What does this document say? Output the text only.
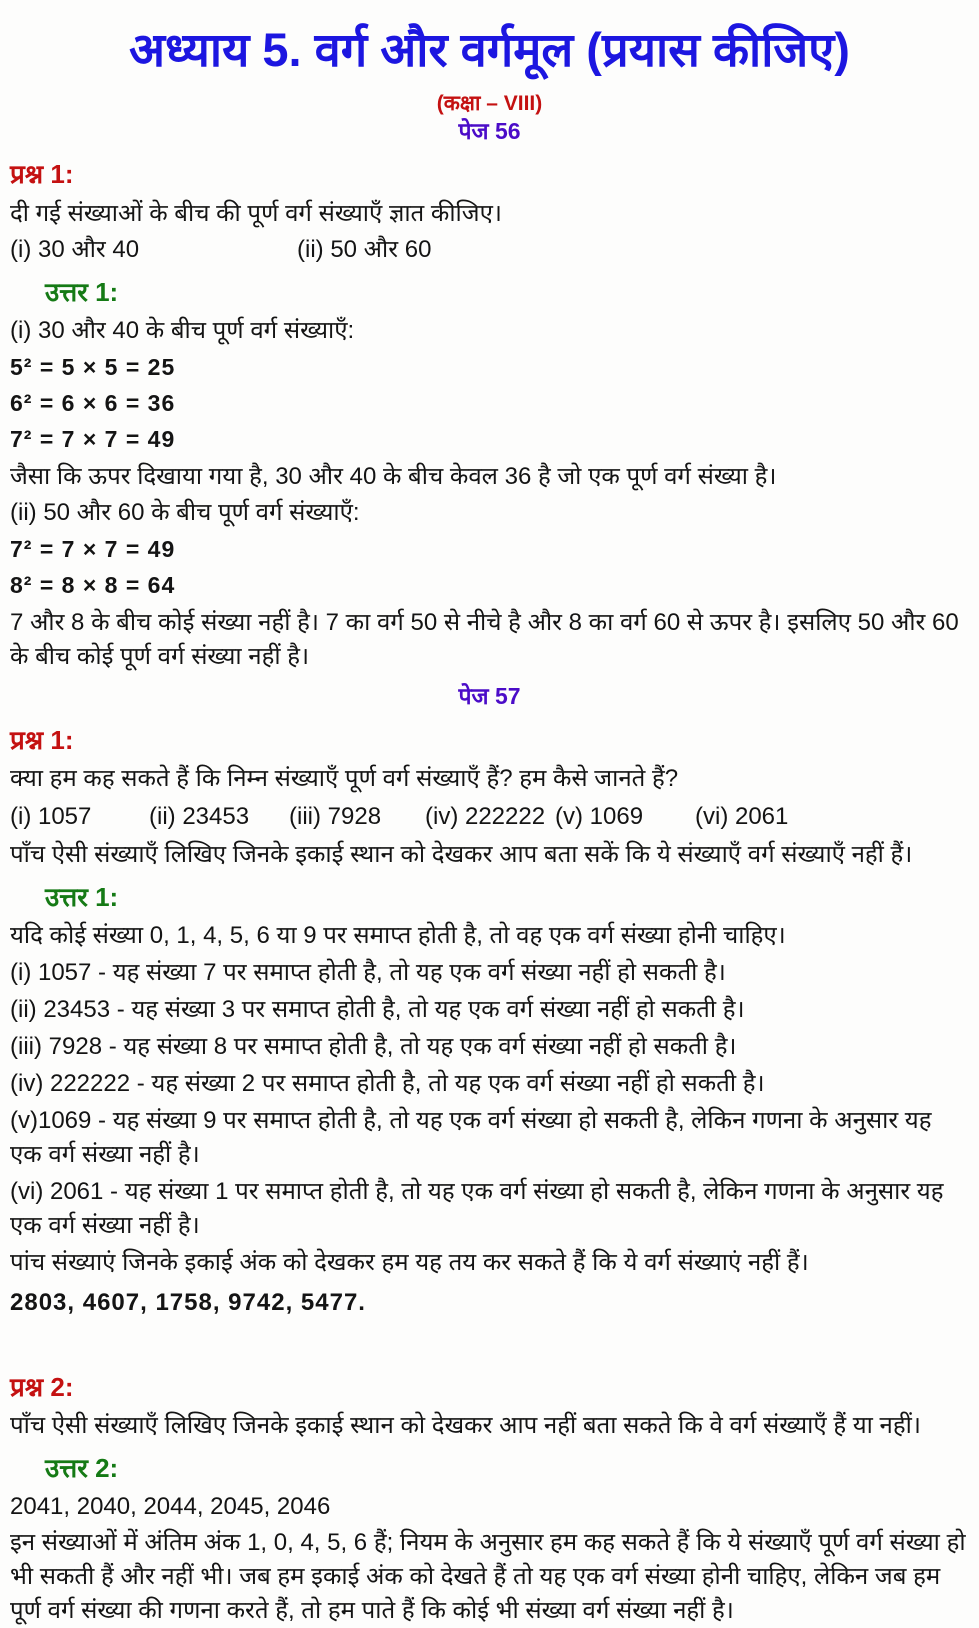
अध्याय 5. वर्ग और वर्गमूल (प्रयास कीजिए)
(कक्षा – VIII)
पेज 56
प्रश्न 1:
दी गई संख्याओं के बीच की पूर्ण वर्ग संख्याएँ ज्ञात कीजिए।
(i) 30 और 40	(ii) 50 और 60
उत्तर 1:
(i) 30 और 40 के बीच पूर्ण वर्ग संख्याएँ:
5² = 5 × 5 = 25
6² = 6 × 6 = 36
7² = 7 × 7 = 49
जैसा कि ऊपर दिखाया गया है, 30 और 40 के बीच केवल 36 है जो एक पूर्ण वर्ग संख्या है।
(ii) 50 और 60 के बीच पूर्ण वर्ग संख्याएँ:
7² = 7 × 7 = 49
8² = 8 × 8 = 64
7 और 8 के बीच कोई संख्या नहीं है। 7 का वर्ग 50 से नीचे है और 8 का वर्ग 60 से ऊपर है। इसलिए 50 और 60 के बीच कोई पूर्ण वर्ग संख्या नहीं है।
पेज 57
प्रश्न 1:
क्या हम कह सकते हैं कि निम्न संख्याएँ पूर्ण वर्ग संख्याएँ हैं? हम कैसे जानते हैं?
(i) 1057	(ii) 23453	(iii) 7928	(iv) 222222 (v) 1069	(vi) 2061
पाँच ऐसी संख्याएँ लिखिए जिनके इकाई स्थान को देखकर आप बता सकें कि ये संख्याएँ वर्ग संख्याएँ नहीं हैं।
उत्तर 1:
यदि कोई संख्या 0, 1, 4, 5, 6 या 9 पर समाप्त होती है, तो वह एक वर्ग संख्या होनी चाहिए।
(i) 1057 - यह संख्या 7 पर समाप्त होती है, तो यह एक वर्ग संख्या नहीं हो सकती है।
(ii) 23453 - यह संख्या 3 पर समाप्त होती है, तो यह एक वर्ग संख्या नहीं हो सकती है।
(iii) 7928 - यह संख्या 8 पर समाप्त होती है, तो यह एक वर्ग संख्या नहीं हो सकती है।
(iv) 222222 - यह संख्या 2 पर समाप्त होती है, तो यह एक वर्ग संख्या नहीं हो सकती है।
(v)1069 - यह संख्या 9 पर समाप्त होती है, तो यह एक वर्ग संख्या हो सकती है, लेकिन गणना के अनुसार यह एक वर्ग संख्या नहीं है।
(vi) 2061 - यह संख्या 1 पर समाप्त होती है, तो यह एक वर्ग संख्या हो सकती है, लेकिन गणना के अनुसार यह एक वर्ग संख्या नहीं है।
पांच संख्याएं जिनके इकाई अंक को देखकर हम यह तय कर सकते हैं कि ये वर्ग संख्याएं नहीं हैं।
2803, 4607, 1758, 9742, 5477.
प्रश्न 2:
पाँच ऐसी संख्याएँ लिखिए जिनके इकाई स्थान को देखकर आप नहीं बता सकते कि वे वर्ग संख्याएँ हैं या नहीं।
उत्तर 2:
2041, 2040, 2044, 2045, 2046
इन संख्याओं में अंतिम अंक 1, 0, 4, 5, 6 हैं; नियम के अनुसार हम कह सकते हैं कि ये संख्याएँ पूर्ण वर्ग संख्या हो भी सकती हैं और नहीं भी। जब हम इकाई अंक को देखते हैं तो यह एक वर्ग संख्या होनी चाहिए, लेकिन जब हम पूर्ण वर्ग संख्या की गणना करते हैं, तो हम पाते हैं कि कोई भी संख्या वर्ग संख्या नहीं है।
